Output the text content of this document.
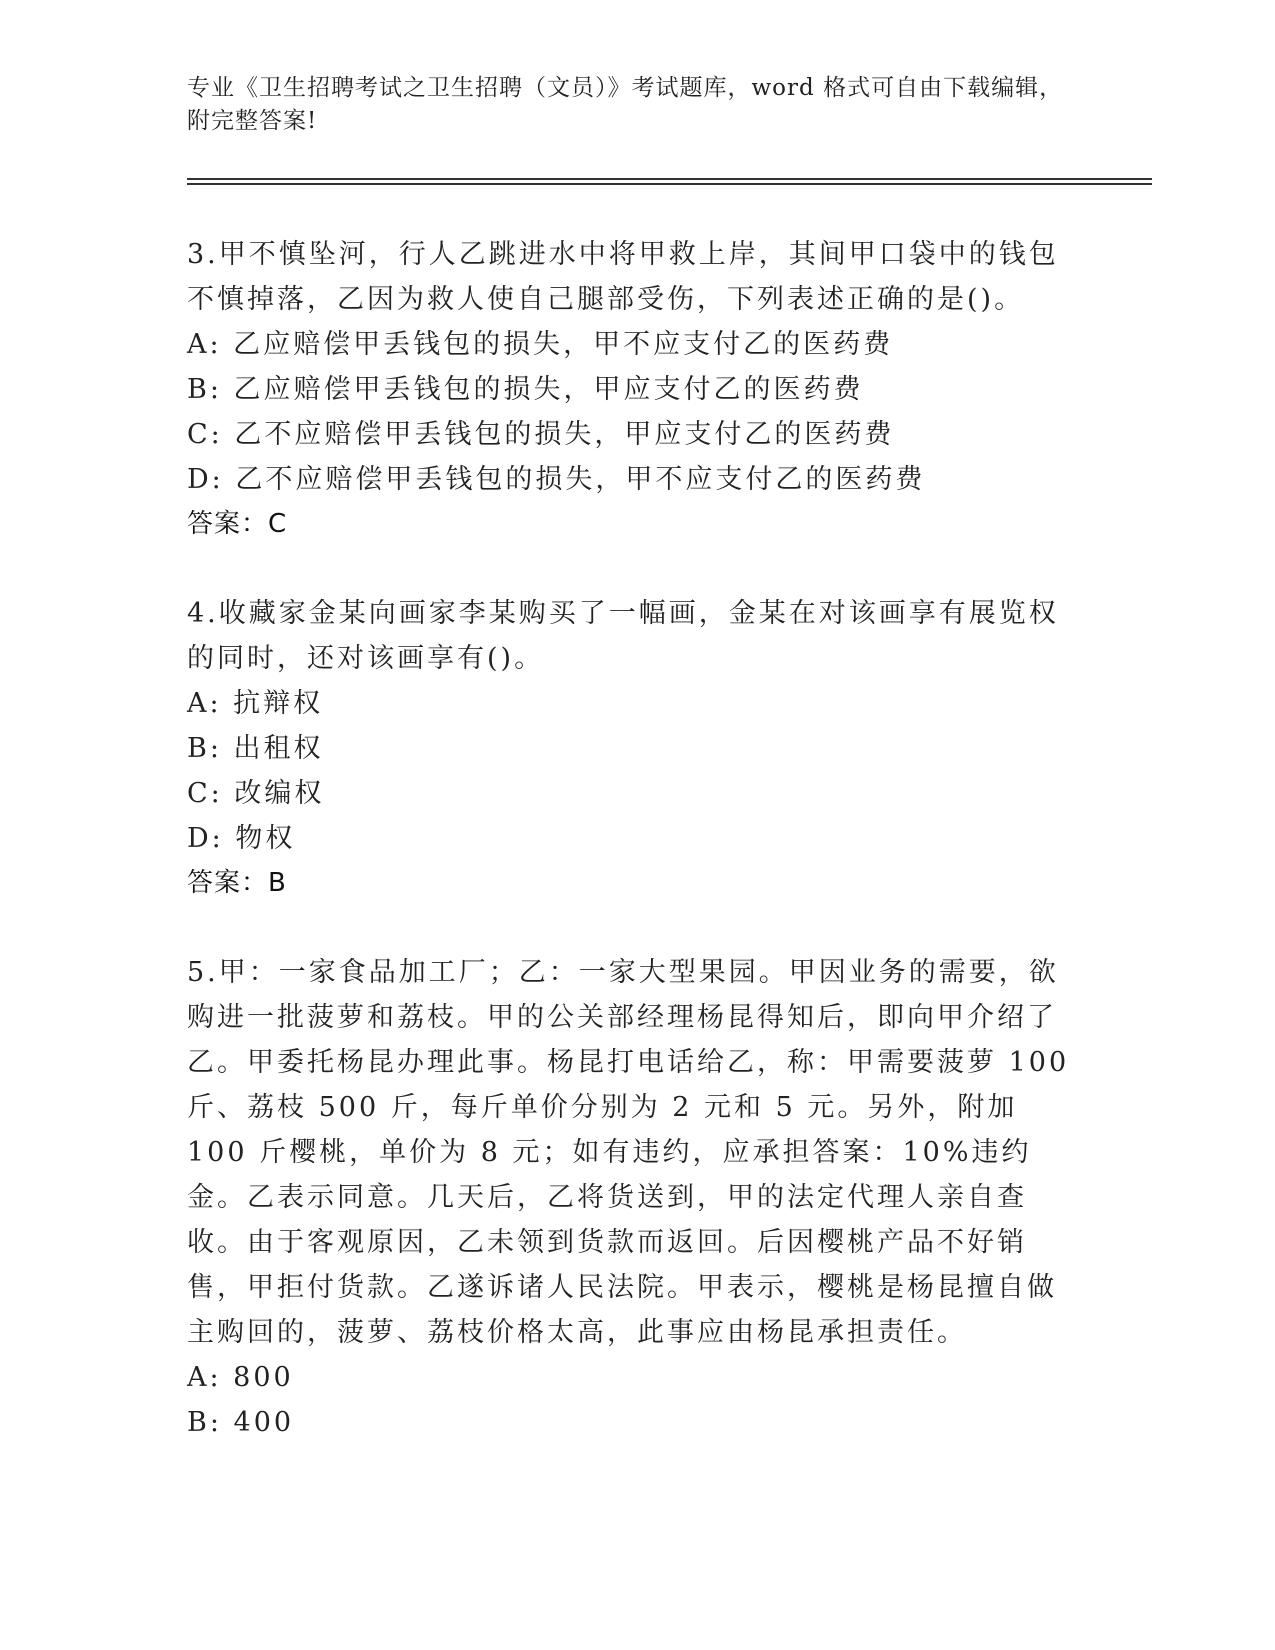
专业《卫生招聘考试之卫生招聘（文员）》考试题库，word 格式可自由下载编辑，附完整答案!

3.甲不慎坠河，行人乙跳进水中将甲救上岸，其间甲口袋中的钱包不慎掉落，乙因为救人使自己腿部受伤，下列表述正确的是()。

A: 乙应赔偿甲丢钱包的损失，甲不应支付乙的医药费

B: 乙应赔偿甲丢钱包的损失，甲应支付乙的医药费

C: 乙不应赔偿甲丢钱包的损失，甲应支付乙的医药费

D: 乙不应赔偿甲丢钱包的损失，甲不应支付乙的医药费

答案：C

4.收藏家金某向画家李某购买了一幅画，金某在对该画享有展览权的同时，还对该画享有()。

A: 抗辩权

B: 出租权

C: 改编权

D: 物权

答案：B

5.甲：一家食品加工厂；乙：一家大型果园。甲因业务的需要，欲购进一批菠萝和荔枝。甲的公关部经理杨昆得知后，即向甲介绍了乙。甲委托杨昆办理此事。杨昆打电话给乙，称：甲需要菠萝 100 斤、荔枝 500 斤，每斤单价分别为 2 元和 5 元。另外，附加 100 斤樱桃，单价为 8 元；如有违约，应承担答案：10%违约金。乙表示同意。几天后，乙将货送到，甲的法定代理人亲自查收。由于客观原因，乙未领到货款而返回。后因樱桃产品不好销售，甲拒付货款。乙遂诉诸人民法院。甲表示，樱桃是杨昆擅自做主购回的，菠萝、荔枝价格太高，此事应由杨昆承担责任。

A: 800

B: 400
